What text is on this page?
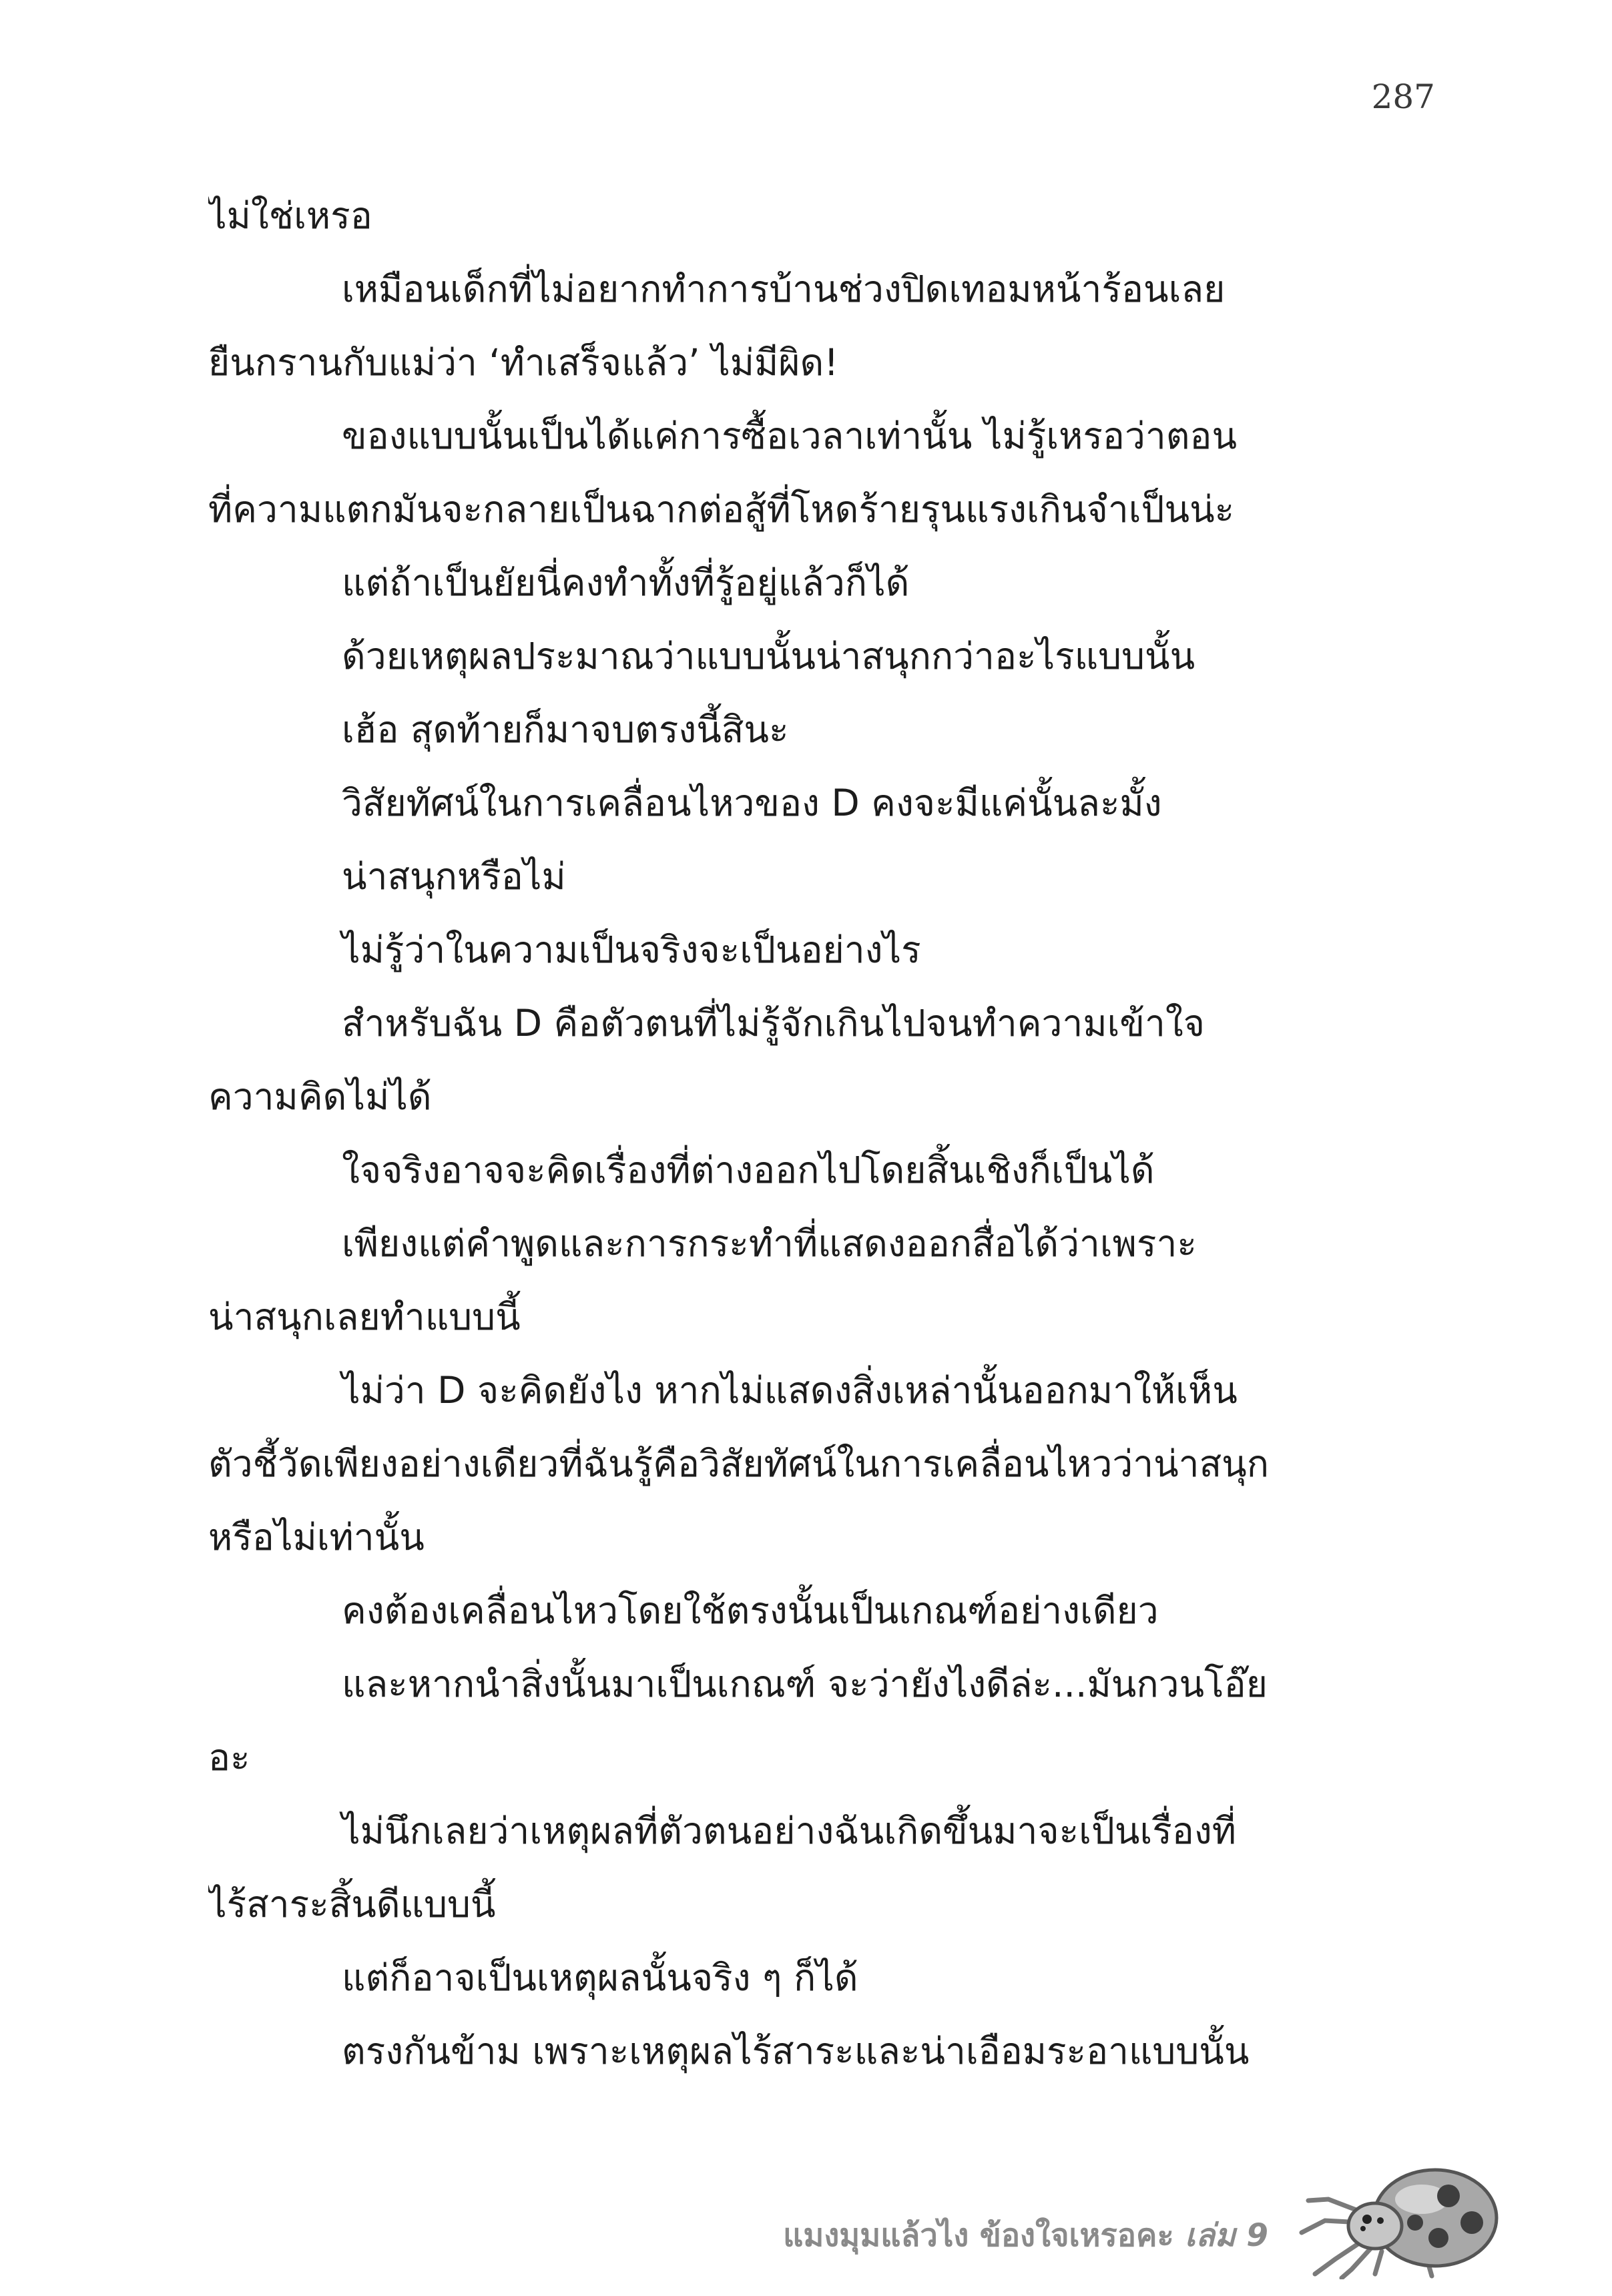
287
ไม่ใช่เหรอ
เหมือนเด็กที่ไม่อยากทำการบ้านช่วงปิดเทอมหน้าร้อนเลย
ยืนกรานกับแม่ว่า ‘ทำเสร็จแล้ว’ ไม่มีผิด!
ของแบบนั้นเป็นได้แค่การซื้อเวลาเท่านั้น ไม่รู้เหรอว่าตอน
ที่ความแตกมันจะกลายเป็นฉากต่อสู้ที่โหดร้ายรุนแรงเกินจำเป็นน่ะ
แต่ถ้าเป็นยัยนี่คงทำทั้งที่รู้อยู่แล้วก็ได้
ด้วยเหตุผลประมาณว่าแบบนั้นน่าสนุกกว่าอะไรแบบนั้น
เฮ้อ สุดท้ายก็มาจบตรงนี้สินะ
วิสัยทัศน์ในการเคลื่อนไหวของ D คงจะมีแค่นั้นละมั้ง
น่าสนุกหรือไม่
ไม่รู้ว่าในความเป็นจริงจะเป็นอย่างไร
สำหรับฉัน D คือตัวตนที่ไม่รู้จักเกินไปจนทำความเข้าใจ
ความคิดไม่ได้
ใจจริงอาจจะคิดเรื่องที่ต่างออกไปโดยสิ้นเชิงก็เป็นได้
เพียงแต่คำพูดและการกระทำที่แสดงออกสื่อได้ว่าเพราะ
น่าสนุกเลยทำแบบนี้
ไม่ว่า D จะคิดยังไง หากไม่แสดงสิ่งเหล่านั้นออกมาให้เห็น
ตัวชี้วัดเพียงอย่างเดียวที่ฉันรู้คือวิสัยทัศน์ในการเคลื่อนไหวว่าน่าสนุก
หรือไม่เท่านั้น
คงต้องเคลื่อนไหวโดยใช้ตรงนั้นเป็นเกณฑ์อย่างเดียว
และหากนำสิ่งนั้นมาเป็นเกณฑ์ จะว่ายังไงดีล่ะ...มันกวนโอ๊ย
อะ
ไม่นึกเลยว่าเหตุผลที่ตัวตนอย่างฉันเกิดขึ้นมาจะเป็นเรื่องที่
ไร้สาระสิ้นดีแบบนี้
แต่ก็อาจเป็นเหตุผลนั้นจริง ๆ ก็ได้
ตรงกันข้าม เพราะเหตุผลไร้สาระและน่าเอือมระอาแบบนั้น
แมงมุมแล้วไง ข้องใจเหรอคะ เล่ม 9
